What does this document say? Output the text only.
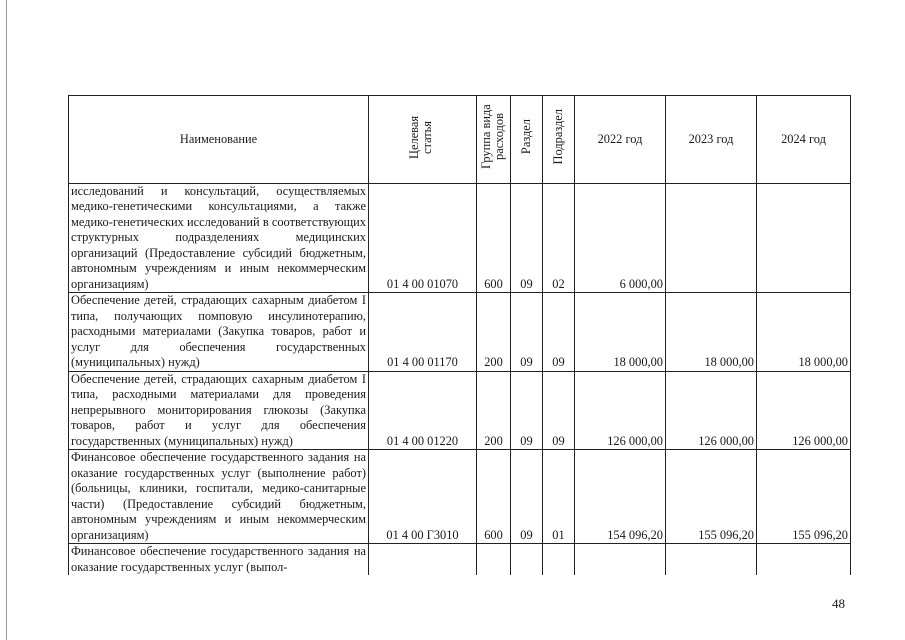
Наименование	Целевая статья	Группа вида расходов	Раздел	Подраздел	2022 год	2023 год	2024 год
исследований и консультаций, осуществляемых медико-генетическими консультациями, а также медико-генетических исследований в соответствующих структурных подразделениях медицинских организаций (Предоставление субсидий бюджетным, автономным учреждениям и иным некоммерческим организациям)	01 4 00 01070	600	09	02	6 000,00		
Обеспечение детей, страдающих сахарным диабетом I типа, получающих помповую инсулинотерапию, расходными материалами (Закупка товаров, работ и услуг для обеспечения государственных (муниципальных) нужд)	01 4 00 01170	200	09	09	18 000,00	18 000,00	18 000,00
Обеспечение детей, страдающих сахарным диабетом I типа, расходными материалами для проведения непрерывного мониторирования глюкозы (Закупка товаров, работ и услуг для обеспечения государственных (муниципальных) нужд)	01 4 00 01220	200	09	09	126 000,00	126 000,00	126 000,00
Финансовое обеспечение государственного задания на оказание государственных услуг (выполнение работ) (больницы, клиники, госпитали, медико-санитарные части) (Предоставление субсидий бюджетным, автономным учреждениям и иным некоммерческим организациям)	01 4 00 Г3010	600	09	01	154 096,20	155 096,20	155 096,20
Финансовое обеспечение государственного задания на оказание государственных услуг (выпол-							
48
